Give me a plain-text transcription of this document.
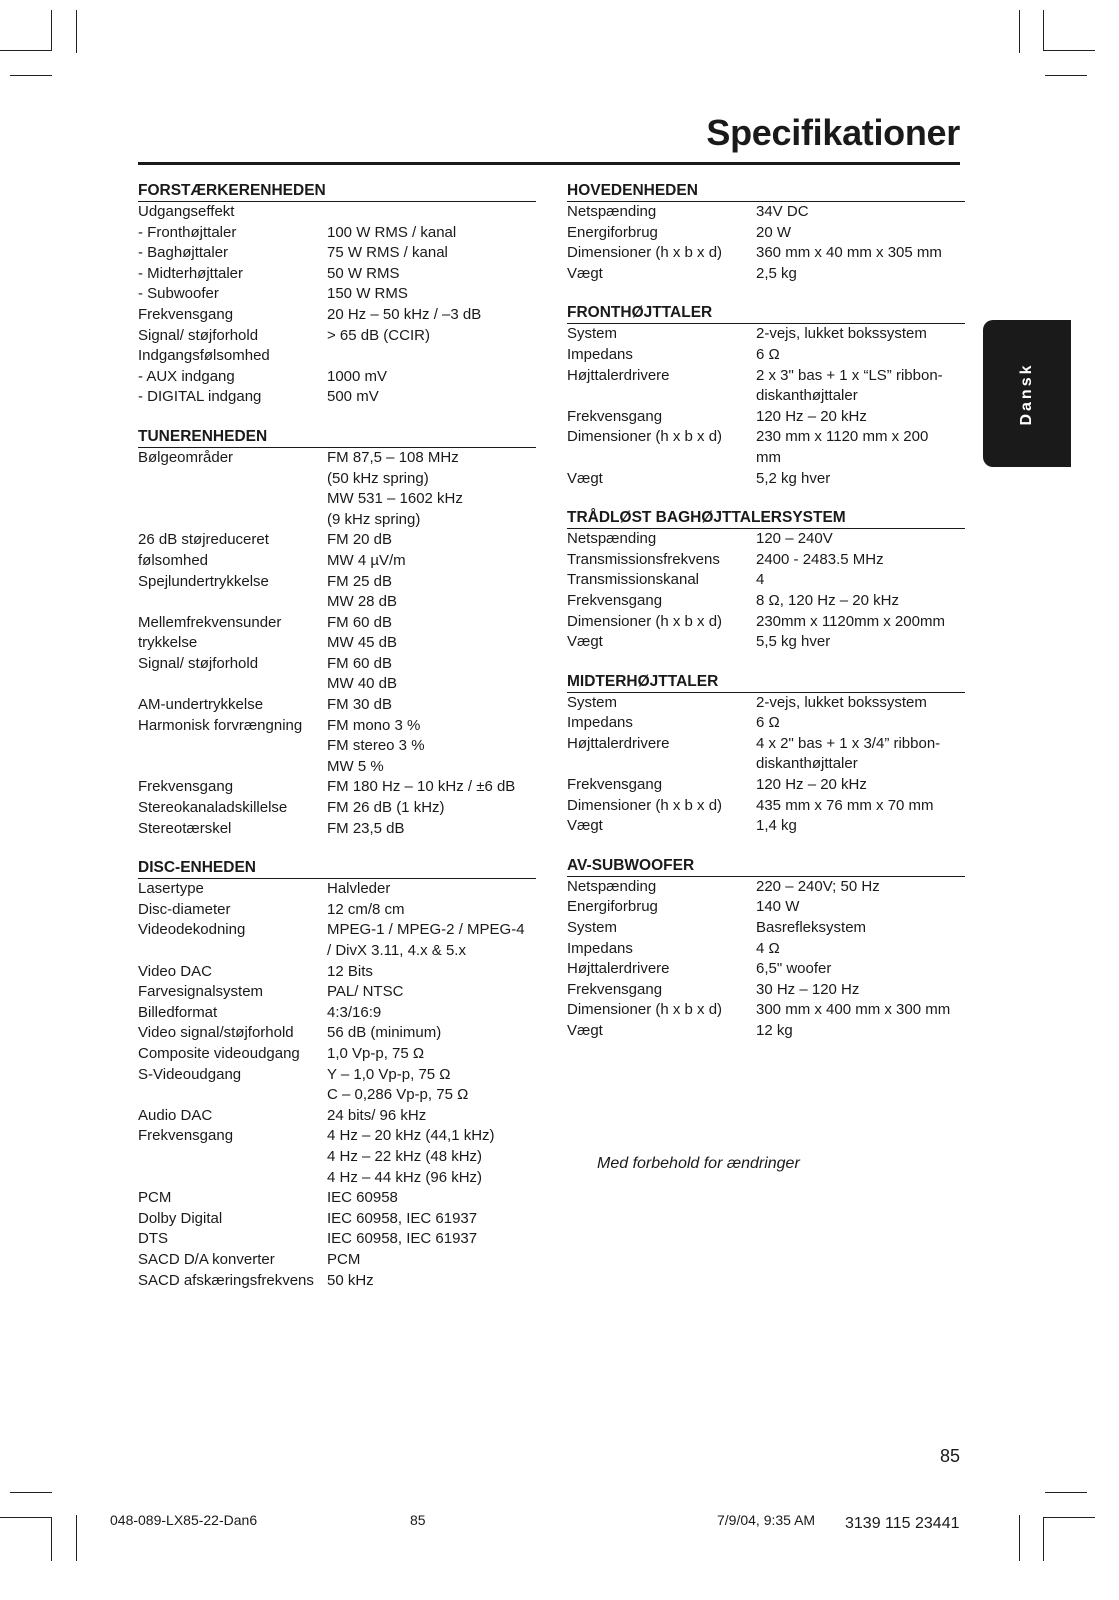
Specifikationer
FORSTÆRKERENHEDEN
Udgangseffekt
- Fronthøjttaler	100 W RMS / kanal
- Baghøjttaler	75 W RMS / kanal
- Midterhøjttaler	50 W RMS
- Subwoofer	150 W RMS
Frekvensgang	20 Hz – 50 kHz / –3 dB
Signal/ støjforhold	> 65 dB (CCIR)
Indgangsfølsomhed
- AUX indgang	1000 mV
- DIGITAL indgang	500 mV
TUNERENHEDEN
Bølgeområder	FM 87,5 – 108 MHz
(50 kHz spring)
MW 531 – 1602 kHz
(9 kHz spring)
26 dB støjreduceret	FM 20 dB
følsomhed	MW 4 µV/m
Spejlundertrykkelse	FM 25 dB
MW 28 dB
Mellemfrekvensunder	FM 60 dB
trykkelse	MW 45 dB
Signal/ støjforhold	FM 60 dB
MW 40 dB
AM-undertrykkelse	FM 30 dB
Harmonisk forvrængning	FM mono 3 %
FM stereo 3 %
MW 5 %
Frekvensgang	FM 180 Hz – 10 kHz / ±6 dB
Stereokanaladskillelse	FM 26 dB (1 kHz)
Stereotærskel	FM 23,5 dB
DISC-ENHEDEN
Lasertype	Halvleder
Disc-diameter	12 cm/8 cm
Videodekodning	MPEG-1 / MPEG-2 / MPEG-4
/ DivX 3.11, 4.x & 5.x
Video DAC	12 Bits
Farvesignalsystem	PAL/ NTSC
Billedformat	4:3/16:9
Video signal/støjforhold	56 dB (minimum)
Composite videoudgang	1,0 Vp-p, 75 Ω
S-Videoudgang	Y – 1,0 Vp-p, 75 Ω
C – 0,286 Vp-p, 75 Ω
Audio DAC	24 bits/ 96 kHz
Frekvensgang	4 Hz – 20 kHz (44,1 kHz)
4 Hz – 22 kHz (48 kHz)
4 Hz – 44 kHz (96 kHz)
PCM	IEC 60958
Dolby Digital	IEC 60958, IEC 61937
DTS	IEC 60958, IEC 61937
SACD D/A konverter	PCM
SACD afskæringsfrekvens 50 kHz
HOVEDENHEDEN
Netspænding	34V DC
Energiforbrug	20 W
Dimensioner (h x b x d)	360 mm x 40 mm x 305 mm
Vægt	2,5 kg
FRONTHØJTTALER
System	2-vejs, lukket bokssystem
Impedans	6 Ω
Højttalerdrivere	2 x 3" bas + 1 x “LS” ribbon-
diskanthøjttaler
Frekvensgang	120 Hz – 20 kHz
Dimensioner (h x b x d)	230 mm x 1120 mm x 200
mm
Vægt	5,2 kg hver
TRÅDLØST BAGHØJTTALERSYSTEM
Netspænding	120 – 240V
Transmissionsfrekvens	2400 - 2483.5 MHz
Transmissionskanal	4
Frekvensgang	8 Ω, 120 Hz – 20 kHz
Dimensioner (h x b x d)	230mm x 1120mm x 200mm
Vægt	5,5 kg hver
MIDTERHØJTTALER
System	2-vejs, lukket bokssystem
Impedans	6 Ω
Højttalerdrivere	4 x 2" bas + 1 x 3/4” ribbon-
diskanthøjttaler
Frekvensgang	120 Hz – 20 kHz
Dimensioner (h x b x d)	435 mm x 76 mm x 70 mm
Vægt	1,4 kg
AV-SUBWOOFER
Netspænding	220 – 240V; 50 Hz
Energiforbrug	140 W
System	Basrefleksystem
Impedans	4 Ω
Højttalerdrivere	6,5" woofer
Frekvensgang	30 Hz – 120 Hz
Dimensioner (h x b x d)	300 mm x 400 mm x 300 mm
Vægt	12 kg
Dansk
Med forbehold for ændringer
85
048-089-LX85-22-Dan6	85	7/9/04, 9:35 AM 3139 115 23441
